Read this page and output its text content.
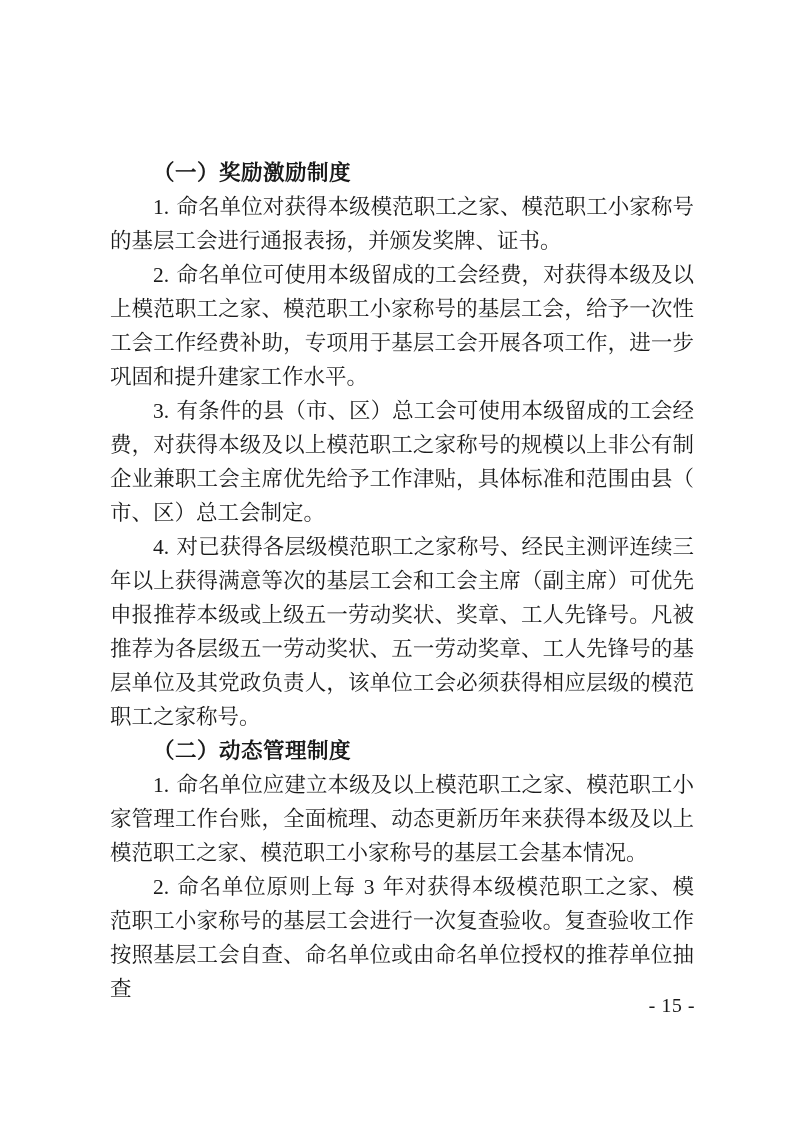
（一）奖励激励制度

1. 命名单位对获得本级模范职工之家、模范职工小家称号的基层工会进行通报表扬，并颁发奖牌、证书。

2. 命名单位可使用本级留成的工会经费，对获得本级及以上模范职工之家、模范职工小家称号的基层工会，给予一次性工会工作经费补助，专项用于基层工会开展各项工作，进一步巩固和提升建家工作水平。

3. 有条件的县（市、区）总工会可使用本级留成的工会经费，对获得本级及以上模范职工之家称号的规模以上非公有制企业兼职工会主席优先给予工作津贴，具体标准和范围由县（市、区）总工会制定。

4. 对已获得各层级模范职工之家称号、经民主测评连续三年以上获得满意等次的基层工会和工会主席（副主席）可优先申报推荐本级或上级五一劳动奖状、奖章、工人先锋号。凡被推荐为各层级五一劳动奖状、五一劳动奖章、工人先锋号的基层单位及其党政负责人，该单位工会必须获得相应层级的模范职工之家称号。

（二）动态管理制度

1. 命名单位应建立本级及以上模范职工之家、模范职工小家管理工作台账，全面梳理、动态更新历年来获得本级及以上模范职工之家、模范职工小家称号的基层工会基本情况。

2. 命名单位原则上每 3 年对获得本级模范职工之家、模范职工小家称号的基层工会进行一次复查验收。复查验收工作按照基层工会自查、命名单位或由命名单位授权的推荐单位抽查

- 15 -
